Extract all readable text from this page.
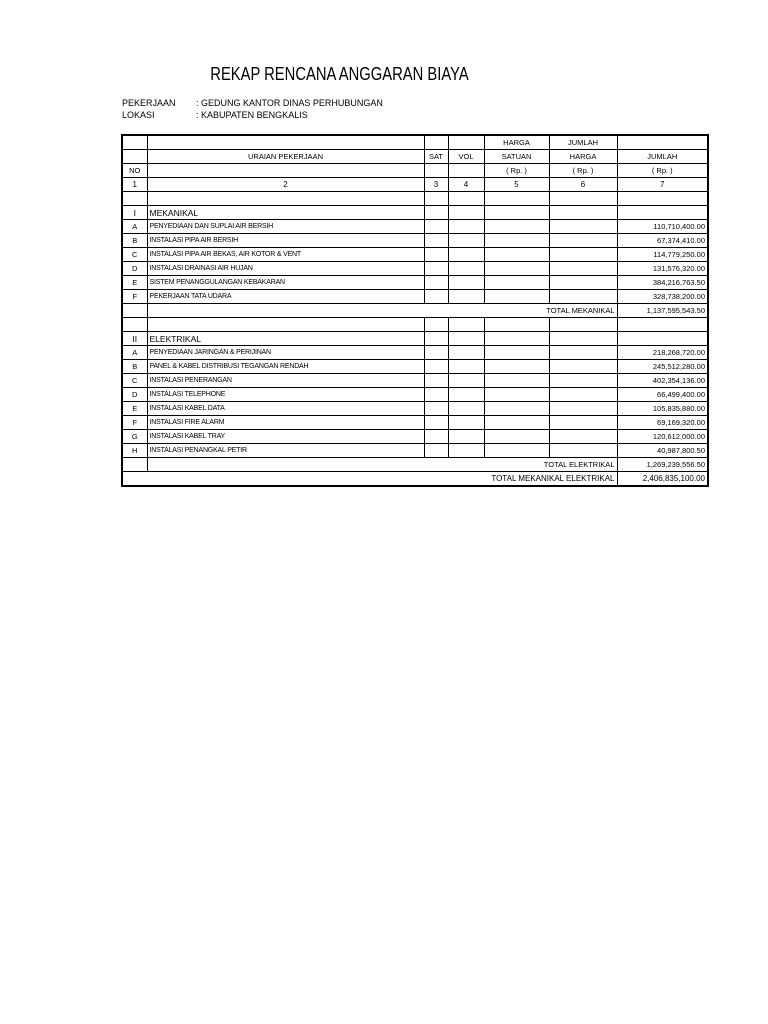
REKAP RENCANA ANGGARAN BIAYA
PEKERJAAN : GEDUNG KANTOR DINAS PERHUBUNGAN
LOKASI	: KABUPATEN BENGKALIS
				HARGA	JUMLAH	
	URAIAN PEKERJAAN	SAT	VOL	SATUAN	HARGA	JUMLAH
NO				( Rp. )	( Rp. )	( Rp. )
1	2	3	4	5	6	7

I	MEKANIKAL					
A	PENYEDIAAN DAN SUPLAI AIR BERSIH					110,710,400.00
B	INSTALASI PIPA AIR BERSIH					67,374,410.00
C	INSTALASI PIPA AIR BEKAS, AIR KOTOR & VENT					114,779,250.00
D	INSTALASI DRAINASI AIR HUJAN					131,576,320.00
E	SISTEM PENANGGULANGAN KEBAKARAN					384,216,763.50
F	PEKERJAAN TATA UDARA					328,738,200.00
	TOTAL MEKANIKAL					1,137,595,543.50

II	ELEKTRIKAL					
A	PENYEDIAAN JARINGAN & PERIJINAN					218,268,720.00
B	PANEL & KABEL DISTRIBUSI TEGANGAN RENDAH					245,512,280.00
C	INSTALASI PENERANGAN					402,354,136.00
D	INSTALASI TELEPHONE					66,499,400.00
E	INSTALASI KABEL DATA					105,835,880.00
F	INSTALASI FIRE ALARM					69,169,320.00
G	INSTALASI KABEL TRAY					120,612,000.00
H	INSTALASI PENANGKAL PETIR					40,987,800.50
	TOTAL ELEKTRIKAL					1,269,239,556.50
TOTAL MEKANIKAL ELEKTRIKAL						2,406,835,100.00
